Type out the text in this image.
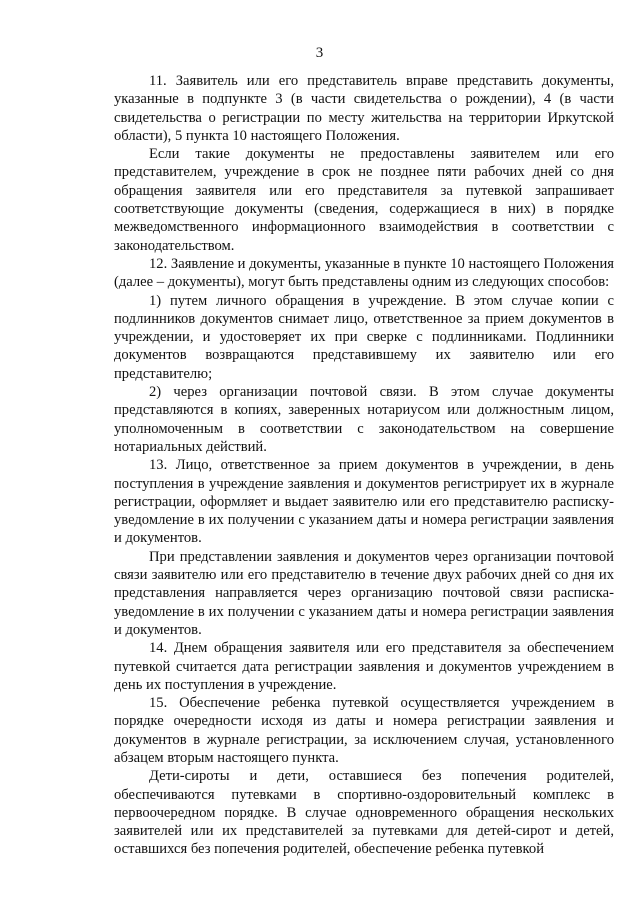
3

11. Заявитель или его представитель вправе представить документы, указанные в подпункте 3 (в части свидетельства о рождении), 4 (в части свидетельства о регистрации по месту жительства на территории Иркутской области), 5 пункта 10 настоящего Положения.

Если такие документы не предоставлены заявителем или его представителем, учреждение в срок не позднее пяти рабочих дней со дня обращения заявителя или его представителя за путевкой запрашивает соответствующие документы (сведения, содержащиеся в них) в порядке межведомственного информационного взаимодействия в соответствии с законодательством.

12. Заявление и документы, указанные в пункте 10 настоящего Положения (далее – документы), могут быть представлены одним из следующих способов:

1) путем личного обращения в учреждение. В этом случае копии с подлинников документов снимает лицо, ответственное за прием документов в учреждении, и удостоверяет их при сверке с подлинниками. Подлинники документов возвращаются представившему их заявителю или его представителю;

2) через организации почтовой связи. В этом случае документы представляются в копиях, заверенных нотариусом или должностным лицом, уполномоченным в соответствии с законодательством на совершение нотариальных действий.

13. Лицо, ответственное за прием документов в учреждении, в день поступления в учреждение заявления и документов регистрирует их в журнале регистрации, оформляет и выдает заявителю или его представителю расписку-уведомление в их получении с указанием даты и номера регистрации заявления и документов.

При представлении заявления и документов через организации почтовой связи заявителю или его представителю в течение двух рабочих дней со дня их представления направляется через организацию почтовой связи расписка-уведомление в их получении с указанием даты и номера регистрации заявления и документов.

14. Днем обращения заявителя или его представителя за обеспечением путевкой считается дата регистрации заявления и документов учреждением в день их поступления в учреждение.

15. Обеспечение ребенка путевкой осуществляется учреждением в порядке очередности исходя из даты и номера регистрации заявления и документов в журнале регистрации, за исключением случая, установленного абзацем вторым настоящего пункта.

Дети-сироты и дети, оставшиеся без попечения родителей, обеспечиваются путевками в спортивно-оздоровительный комплекс в первоочередном порядке. В случае одновременного обращения нескольких заявителей или их представителей за путевками для детей-сирот и детей, оставшихся без попечения родителей, обеспечение ребенка путевкой
